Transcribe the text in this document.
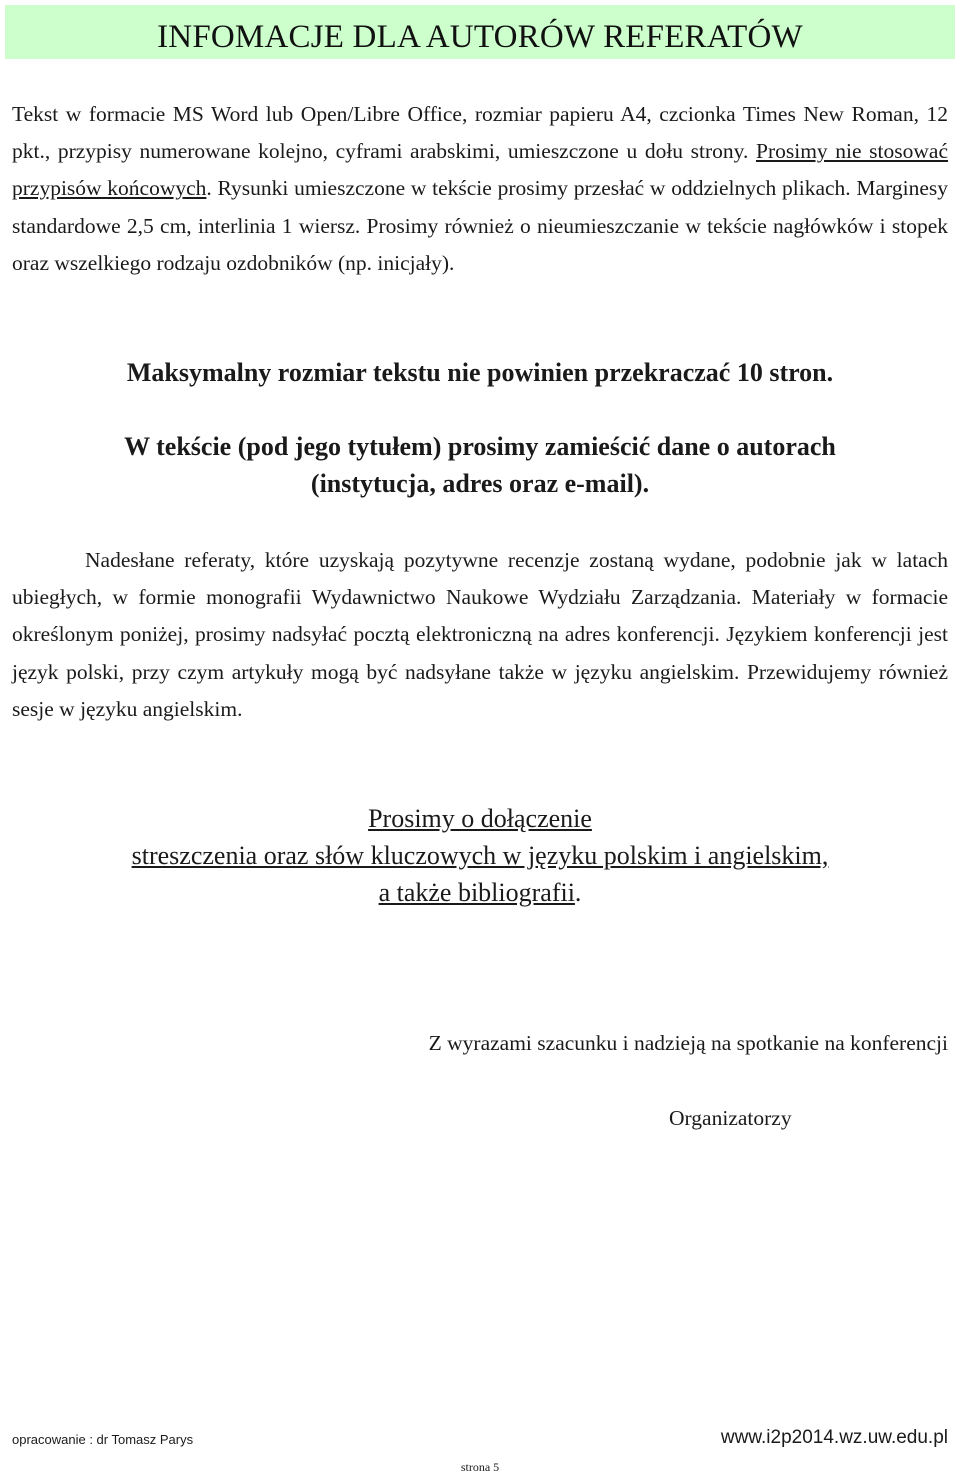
INFOMACJE DLA AUTORÓW REFERATÓW

Tekst w formacie MS Word lub Open/Libre Office, rozmiar papieru A4, czcionka Times New Roman, 12 pkt., przypisy numerowane kolejno, cyframi arabskimi, umieszczone u dołu strony. Prosimy nie stosować przypisów końcowych. Rysunki umieszczone w tekście prosimy przesłać w oddzielnych plikach. Marginesy standardowe 2,5 cm, interlinia 1 wiersz. Prosimy również o nieumieszczanie w tekście nagłówków i stopek oraz wszelkiego rodzaju ozdobników (np. inicjały).

Maksymalny rozmiar tekstu nie powinien przekraczać 10 stron.

W tekście (pod jego tytułem) prosimy zamieścić dane o autorach
(instytucja, adres oraz e-mail).

Nadesłane referaty, które uzyskają pozytywne recenzje zostaną wydane, podobnie jak w latach ubiegłych, w formie monografii Wydawnictwo Naukowe Wydziału Zarządzania. Materiały w formacie określonym poniżej, prosimy nadsyłać pocztą elektroniczną na adres konferencji. Językiem konferencji jest język polski, przy czym artykuły mogą być nadsyłane także w języku angielskim. Przewidujemy również sesje w języku angielskim.

Prosimy o dołączenie
streszczenia oraz słów kluczowych w języku polskim i angielskim,
a także bibliografii.

Z wyrazami szacunku i nadzieją na spotkanie na konferencji

Organizatorzy

opracowanie : dr Tomasz Parys	www.i2p2014.wz.uw.edu.pl

strona 5
